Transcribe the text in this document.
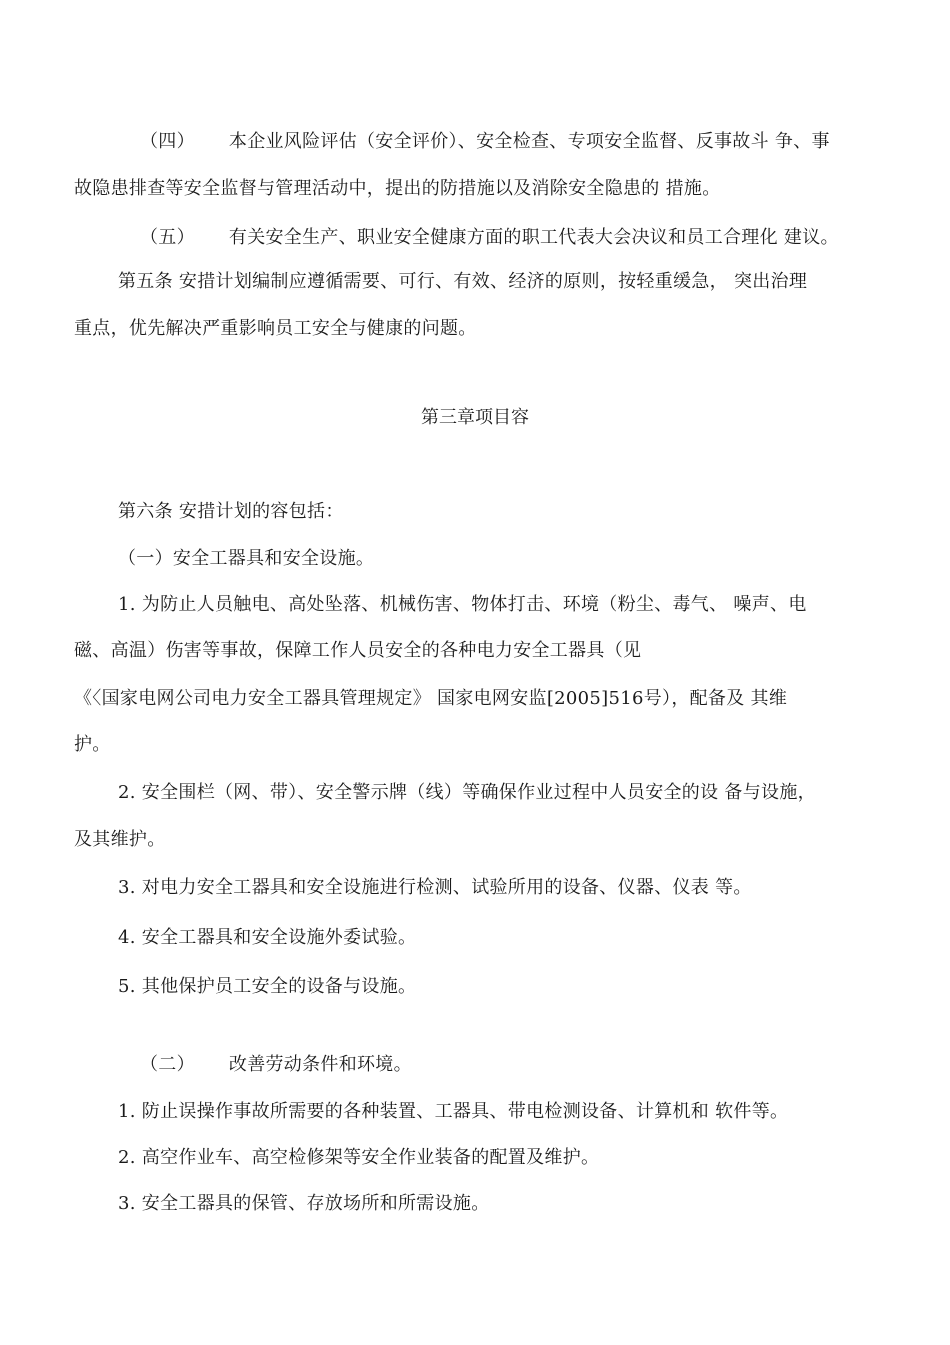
（四） 本企业风险评估（安全评价）、安全检查、专项安全监督、反事故斗 争、事
故隐患排查等安全监督与管理活动中，提出的防措施以及消除安全隐患的 措施。
（五） 有关安全生产、职业安全健康方面的职工代表大会决议和员工合理化 建议。
第五条 安措计划编制应遵循需要、可行、有效、经济的原则，按轻重缓急， 突出治理
重点，优先解决严重影响员工安全与健康的问题。
第三章项目容
第六条 安措计划的容包括：
（一）安全工器具和安全设施。
1. 为防止人员触电、高处坠落、机械伤害、物体打击、环境（粉尘、毒气、 噪声、电
磁、高温）伤害等事故，保障工作人员安全的各种电力安全工器具（见
《〈国家电网公司电力安全工器具管理规定》 国家电网安监[2005]516号），配备及 其维
护。
2. 安全围栏（网、带）、安全警示牌（线）等确保作业过程中人员安全的设 备与设施，
及其维护。
3. 对电力安全工器具和安全设施进行检测、试验所用的设备、仪器、仪表 等。
4. 安全工器具和安全设施外委试验。
5. 其他保护员工安全的设备与设施。
（二） 改善劳动条件和环境。
1. 防止误操作事故所需要的各种装置、工器具、带电检测设备、计算机和 软件等。
2. 高空作业车、高空检修架等安全作业装备的配置及维护。
3. 安全工器具的保管、存放场所和所需设施。
